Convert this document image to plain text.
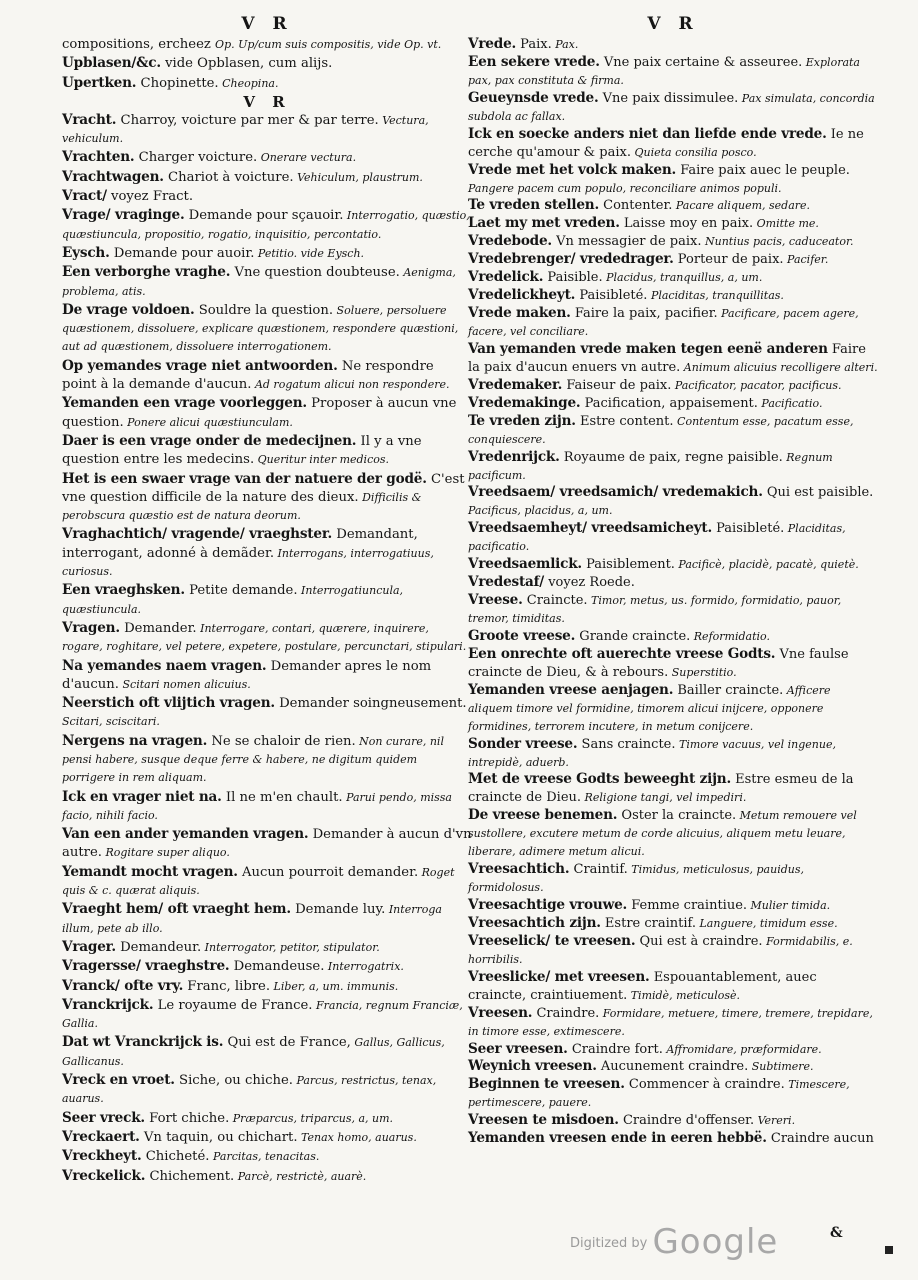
V R

compositions, ercheez Op. Up/cum suis compositis, vide Op. vt.

Upblasen/&c. vide Opblasen, cum alijs.

Upertken. Chopinette. Cheopina.

V R

Vracht. Charroy, voicture par mer & par terre. Vectura, vehiculum.

Vrachten. Charger voicture. Onerare vectura.

Vrachtwagen. Chariot à voicture. Vehiculum, plaustrum.

Vract/ voyez Fract.

Vrage/ vraginge. Demande pour sçauoir. Interrogatio, quæstio, quæstiuncula, propositio, rogatio, inquisitio, percontatio.

Eysch. Demande pour auoir. Petitio. vide Eysch.

Een verborghe vraghe. Vne question doubteuse. Aenigma, problema, atis.

De vrage voldoen. Souldre la question. Soluere, persoluere quæstionem, dissoluere, explicare quæstionem, respondere quæstioni, aut ad quæstionem, dissoluere interrogationem.

Op yemandes vrage niet antwoorden. Ne respondre point à la demande d'aucun. Ad rogatum alicui non respondere.

Yemanden een vrage voorleggen. Proposer à aucun vne question. Ponere alicui quæstiunculam.

Daer is een vrage onder de medecijnen. Il y a vne question entre les medecins. Queritur inter medicos.

Het is een swaer vrage van der natuere der godë. C'est vne question difficile de la nature des dieux. Difficilis & perobscura quæstio est de natura deorum.

Vraghachtich/ vragende/ vraeghster. Demandant, interrogant, adonné à demãder. Interrogans, interrogatiuus, curiosus.

Een vraeghsken. Petite demande. Interrogatiuncula, quæstiuncula.

Vragen. Demander. Interrogare, contari, quærere, inquirere, rogare, roghitare, vel petere, expetere, postulare, percunctari, stipulari.

Na yemandes naem vragen. Demander apres le nom d'aucun. Scitari nomen alicuius.

Neerstich oft vlijtich vragen. Demander soingneusement. Scitari, sciscitari.

Nergens na vragen. Ne se chaloir de rien. Non curare, nil pensi habere, susque deque ferre & habere, ne digitum quidem porrigere in rem aliquam.

Ick en vrager niet na. Il ne m'en chault. Parui pendo, missa facio, nihili facio.

Van een ander yemanden vragen. Demander à aucun d'vn autre. Rogitare super aliquo.

Yemandt mocht vragen. Aucun pourroit demander. Roget quis & c. quærat aliquis.

Vraeght hem/ oft vraeght hem. Demande luy. Interroga illum, pete ab illo.

Vrager. Demandeur. Interrogator, petitor, stipulator.

Vragersse/ vraeghstre. Demandeuse. Interrogatrix.

Vranck/ ofte vry. Franc, libre. Liber, a, um. immunis.

Vranckrijck. Le royaume de France. Francia, regnum Franciæ, Gallia.

Dat wt Vranckrijck is. Qui est de France, Gallus, Gallicus, Gallicanus.

Vreck en vroet. Siche, ou chiche. Parcus, restrictus, tenax, auarus.

Seer vreck. Fort chiche. Præparcus, triparcus, a, um.

Vreckaert. Vn taquin, ou chichart. Tenax homo, auarus.

Vreckheyt. Chicheté. Parcitas, tenacitas.

Vreckelick. Chichement. Parcè, restrictè, auarè.

V R

Vrede. Paix. Pax.

Een sekere vrede. Vne paix certaine & asseuree. Explorata pax, pax constituta & firma.

Geueynsde vrede. Vne paix dissimulee. Pax simulata, concordia subdola ac fallax.

Ick en soecke anders niet dan liefde ende vrede. Ie ne cerche qu'amour & paix. Quieta consilia posco.

Vrede met het volck maken. Faire paix auec le peuple. Pangere pacem cum populo, reconciliare animos populi.

Te vreden stellen. Contenter. Pacare aliquem, sedare.

Laet my met vreden. Laisse moy en paix. Omitte me.

Vredebode. Vn messagier de paix. Nuntius pacis, caduceator.

Vredebrenger/ vrededrager. Porteur de paix. Pacifer.

Vredelick. Paisible. Placidus, tranquillus, a, um.

Vredelickheyt. Paisibleté. Placiditas, tranquillitas.

Vrede maken. Faire la paix, pacifier. Pacificare, pacem agere, facere, vel conciliare.

Van yemanden vrede maken tegen eenë anderen Faire la paix d'aucun enuers vn autre. Animum alicuius recolligere alteri.

Vredemaker. Faiseur de paix. Pacificator, pacator, pacificus.

Vredemakinge. Pacification, appaisement. Pacificatio.

Te vreden zijn. Estre content. Contentum esse, pacatum esse, conquiescere.

Vredenrijck. Royaume de paix, regne paisible. Regnum pacificum.

Vreedsaem/ vreedsamich/ vredemakich. Qui est paisible. Pacificus, placidus, a, um.

Vreedsaemheyt/ vreedsamicheyt. Paisibleté. Placiditas, pacificatio.

Vreedsaemlick. Paisiblement. Pacificè, placidè, pacatè, quietè.

Vredestaf/ voyez Roede.

Vreese. Craincte. Timor, metus, us. formido, formidatio, pauor, tremor, timiditas.

Groote vreese. Grande craincte. Reformidatio.

Een onrechte oft auerechte vreese Godts. Vne faulse craincte de Dieu, & à rebours. Superstitio.

Yemanden vreese aenjagen. Bailler craincte. Afficere aliquem timore vel formidine, timorem alicui inijcere, opponere formidines, terrorem incutere, in metum conijcere.

Sonder vreese. Sans craincte. Timore vacuus, vel ingenue, intrepidè, aduerb.

Met de vreese Godts beweeght zijn. Estre esmeu de la craincte de Dieu. Religione tangi, vel impediri.

De vreese benemen. Oster la craincte. Metum remouere vel sustollere, excutere metum de corde alicuius, aliquem metu leuare, liberare, adimere metum alicui.

Vreesachtich. Craintif. Timidus, meticulosus, pauidus, formidolosus.

Vreesachtige vrouwe. Femme craintiue. Mulier timida.

Vreesachtich zijn. Estre craintif. Languere, timidum esse.

Vreeselick/ te vreesen. Qui est à craindre. Formidabilis, e. horribilis.

Vreeslicke/ met vreesen. Espouantablement, auec craincte, craintiuement. Timidè, meticulosè.

Vreesen. Craindre. Formidare, metuere, timere, tremere, trepidare, in timore esse, extimescere.

Seer vreesen. Craindre fort. Affromidare, præformidare.

Weynich vreesen. Aucunement craindre. Subtimere.

Beginnen te vreesen. Commencer à craindre. Timescere, pertimescere, pauere.

Vreesen te misdoen. Craindre d'offenser. Vereri.

Yemanden vreesen ende in eeren hebbë. Craindre aucun

$^{Digitized by}$ Google	&
